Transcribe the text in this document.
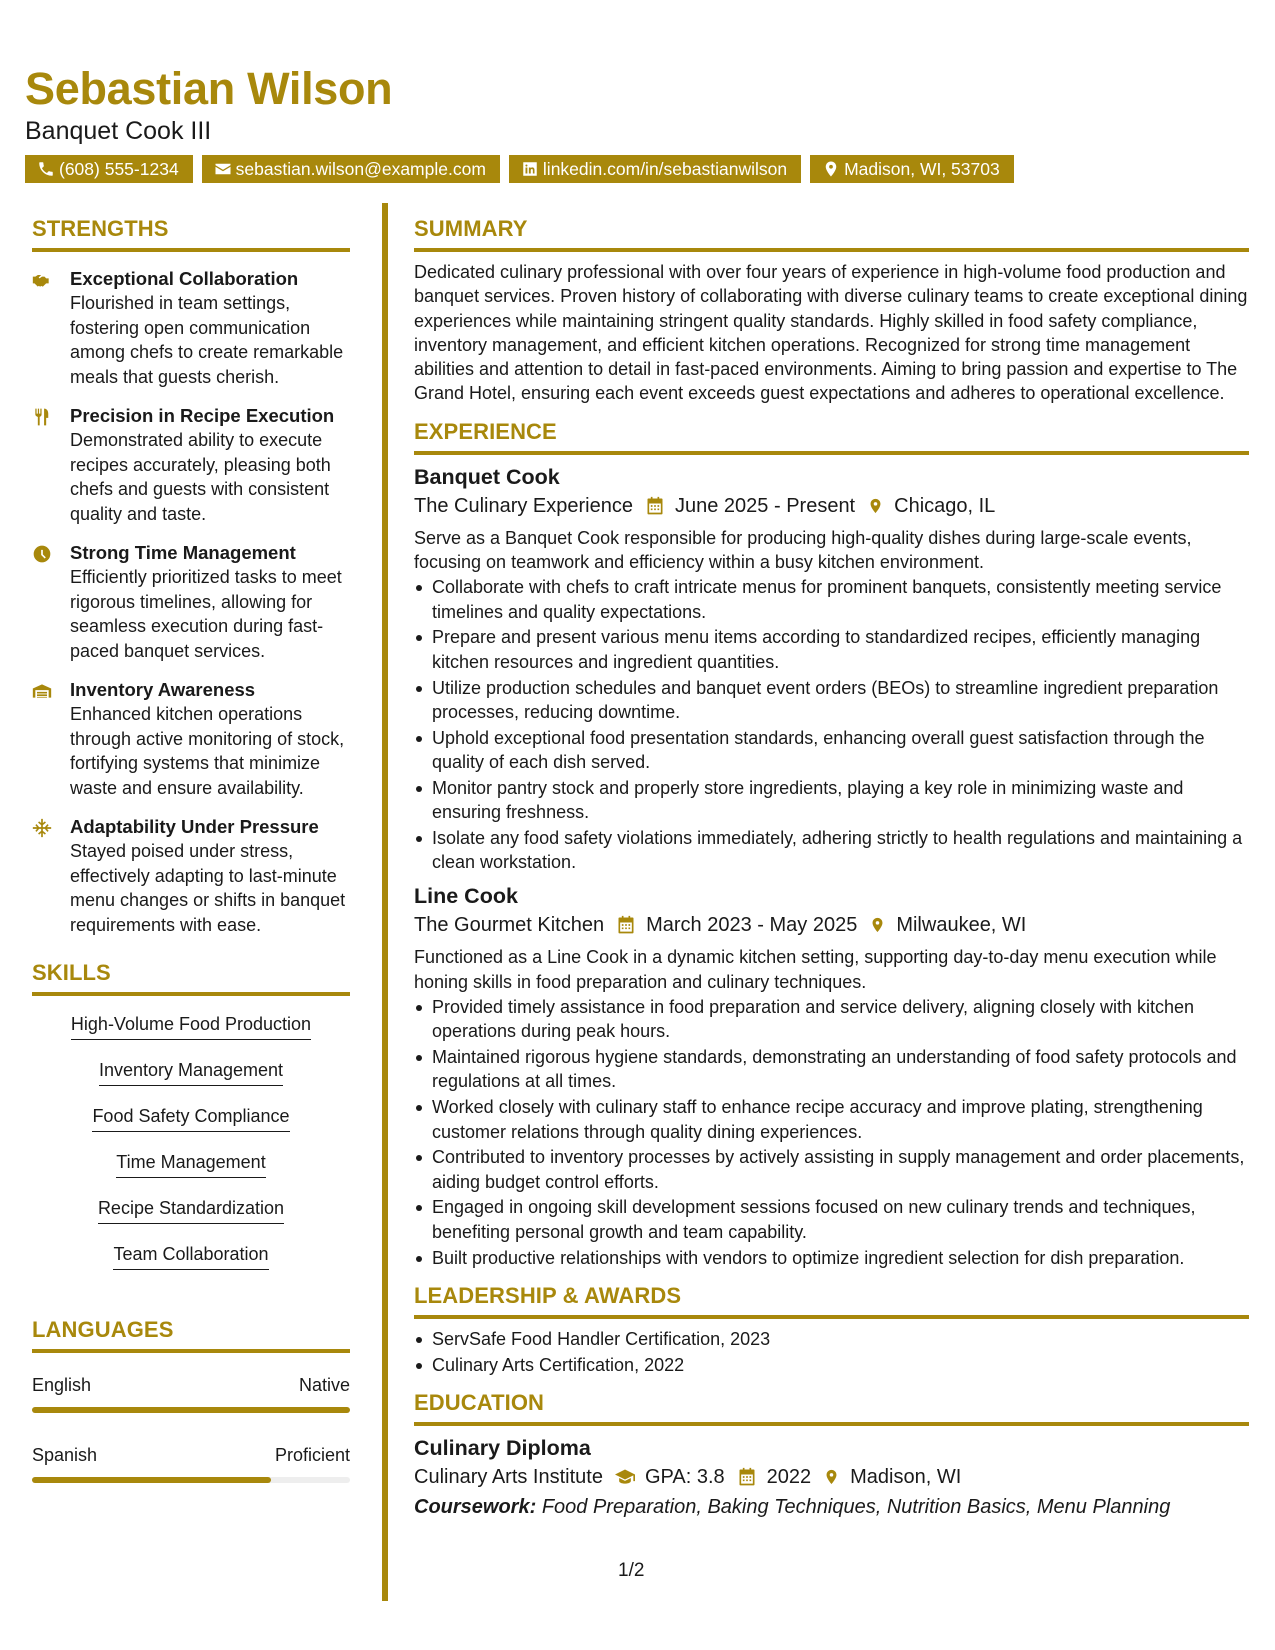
Sebastian Wilson
Banquet Cook III
(608) 555-1234	sebastian.wilson@example.com	linkedin.com/in/sebastianwilson	Madison, WI, 53703
STRENGTHS
Exceptional Collaboration
Flourished in team settings, fostering open communication among chefs to create remarkable meals that guests cherish.
Precision in Recipe Execution
Demonstrated ability to execute recipes accurately, pleasing both chefs and guests with consistent quality and taste.
Strong Time Management
Efficiently prioritized tasks to meet rigorous timelines, allowing for seamless execution during fast-paced banquet services.
Inventory Awareness
Enhanced kitchen operations through active monitoring of stock, fortifying systems that minimize waste and ensure availability.
Adaptability Under Pressure
Stayed poised under stress, effectively adapting to last-minute menu changes or shifts in banquet requirements with ease.
SKILLS
High-Volume Food Production
Inventory Management
Food Safety Compliance
Time Management
Recipe Standardization
Team Collaboration
LANGUAGES
English	Native
Spanish	Proficient
SUMMARY
Dedicated culinary professional with over four years of experience in high-volume food production and banquet services. Proven history of collaborating with diverse culinary teams to create exceptional dining experiences while maintaining stringent quality standards. Highly skilled in food safety compliance, inventory management, and efficient kitchen operations. Recognized for strong time management abilities and attention to detail in fast-paced environments. Aiming to bring passion and expertise to The Grand Hotel, ensuring each event exceeds guest expectations and adheres to operational excellence.
EXPERIENCE
Banquet Cook
The Culinary Experience June 2025 - Present Chicago, IL
Serve as a Banquet Cook responsible for producing high-quality dishes during large-scale events, focusing on teamwork and efficiency within a busy kitchen environment.
Collaborate with chefs to craft intricate menus for prominent banquets, consistently meeting service timelines and quality expectations.
Prepare and present various menu items according to standardized recipes, efficiently managing kitchen resources and ingredient quantities.
Utilize production schedules and banquet event orders (BEOs) to streamline ingredient preparation processes, reducing downtime.
Uphold exceptional food presentation standards, enhancing overall guest satisfaction through the quality of each dish served.
Monitor pantry stock and properly store ingredients, playing a key role in minimizing waste and ensuring freshness.
Isolate any food safety violations immediately, adhering strictly to health regulations and maintaining a clean workstation.
Line Cook
The Gourmet Kitchen March 2023 - May 2025 Milwaukee, WI
Functioned as a Line Cook in a dynamic kitchen setting, supporting day-to-day menu execution while honing skills in food preparation and culinary techniques.
Provided timely assistance in food preparation and service delivery, aligning closely with kitchen operations during peak hours.
Maintained rigorous hygiene standards, demonstrating an understanding of food safety protocols and regulations at all times.
Worked closely with culinary staff to enhance recipe accuracy and improve plating, strengthening customer relations through quality dining experiences.
Contributed to inventory processes by actively assisting in supply management and order placements, aiding budget control efforts.
Engaged in ongoing skill development sessions focused on new culinary trends and techniques, benefiting personal growth and team capability.
Built productive relationships with vendors to optimize ingredient selection for dish preparation.
LEADERSHIP & AWARDS
ServSafe Food Handler Certification, 2023
Culinary Arts Certification, 2022
EDUCATION
Culinary Diploma
Culinary Arts Institute GPA: 3.8 2022 Madison, WI
Coursework: Food Preparation, Baking Techniques, Nutrition Basics, Menu Planning
1/2
